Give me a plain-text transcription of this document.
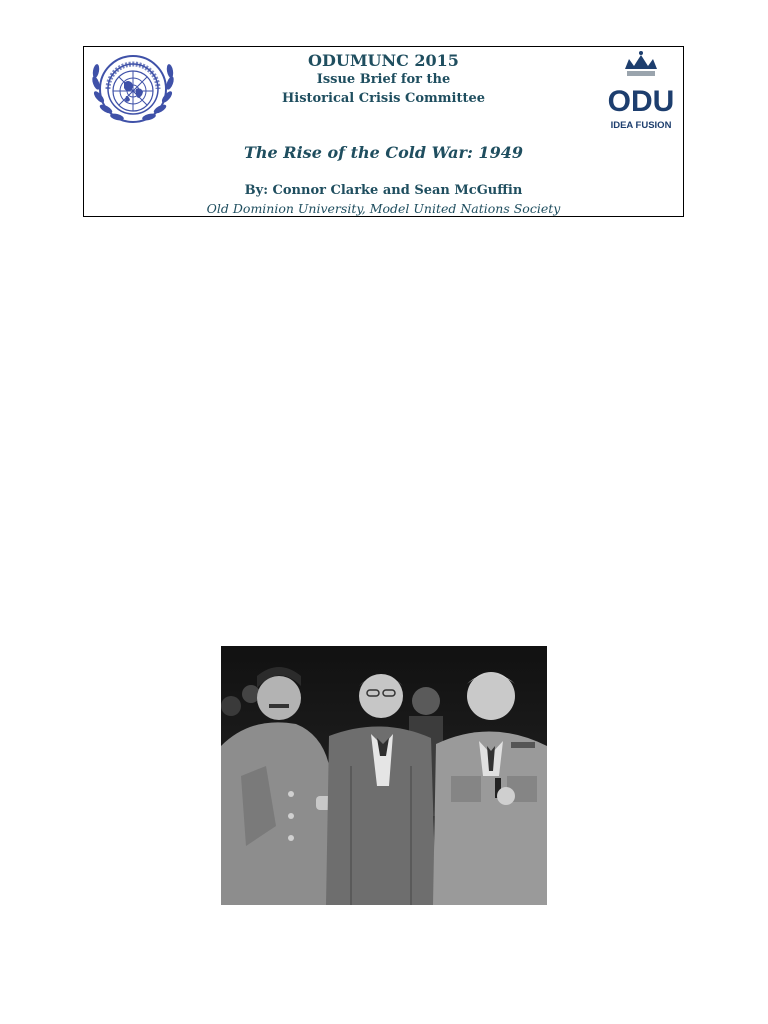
ODUMUNC 2015
Issue Brief for the
Historical Crisis Committee	ODU
IDEA FUSION
The Rise of the Cold War: 1949
By: Connor Clarke and Sean McGuffin
Old Dominion University, Model United Nations Society
